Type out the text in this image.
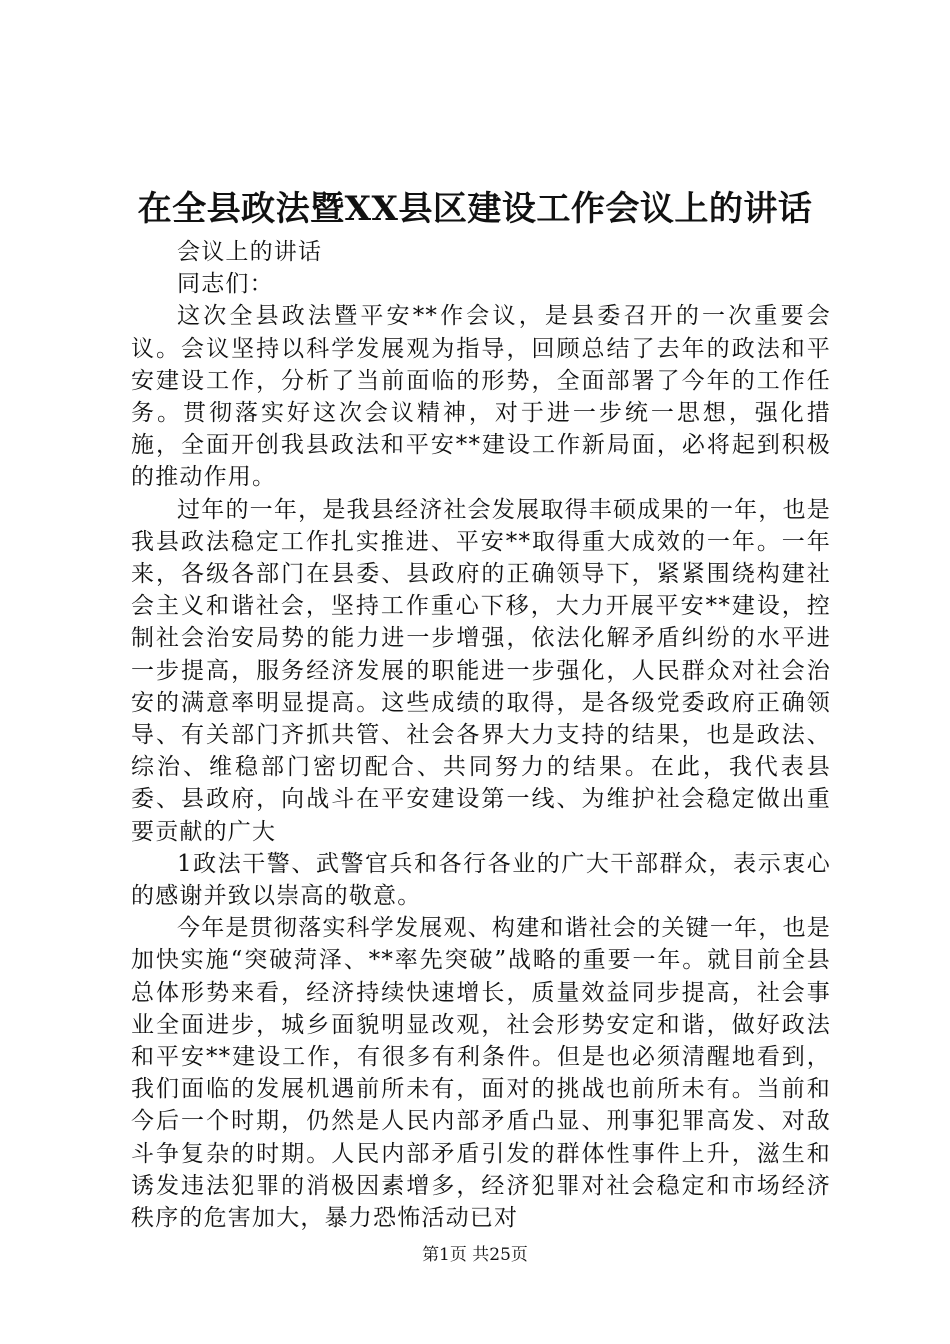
在全县政法暨XX县区建设工作会议上的讲话

会议上的讲话

同志们：

这次全县政法暨平安**作会议，是县委召开的一次重要会议。会议坚持以科学发展观为指导，回顾总结了去年的政法和平安建设工作，分析了当前面临的形势，全面部署了今年的工作任务。贯彻落实好这次会议精神，对于进一步统一思想，强化措施，全面开创我县政法和平安**建设工作新局面，必将起到积极的推动作用。

过年的一年，是我县经济社会发展取得丰硕成果的一年，也是我县政法稳定工作扎实推进、平安**取得重大成效的一年。一年来，各级各部门在县委、县政府的正确领导下，紧紧围绕构建社会主义和谐社会，坚持工作重心下移，大力开展平安**建设，控制社会治安局势的能力进一步增强，依法化解矛盾纠纷的水平进一步提高，服务经济发展的职能进一步强化，人民群众对社会治安的满意率明显提高。这些成绩的取得，是各级党委政府正确领导、有关部门齐抓共管、社会各界大力支持的结果，也是政法、综治、维稳部门密切配合、共同努力的结果。在此，我代表县委、县政府，向战斗在平安建设第一线、为维护社会稳定做出重要贡献的广大

1政法干警、武警官兵和各行各业的广大干部群众，表示衷心的感谢并致以崇高的敬意。

今年是贯彻落实科学发展观、构建和谐社会的关键一年，也是加快实施“突破菏泽、**率先突破”战略的重要一年。就目前全县总体形势来看，经济持续快速增长，质量效益同步提高，社会事业全面进步，城乡面貌明显改观，社会形势安定和谐，做好政法和平安**建设工作，有很多有利条件。但是也必须清醒地看到，我们面临的发展机遇前所未有，面对的挑战也前所未有。当前和今后一个时期，仍然是人民内部矛盾凸显、刑事犯罪高发、对敌斗争复杂的时期。人民内部矛盾引发的群体性事件上升，滋生和诱发违法犯罪的消极因素增多，经济犯罪对社会稳定和市场经济秩序的危害加大，暴力恐怖活动已对

第1页 共25页
